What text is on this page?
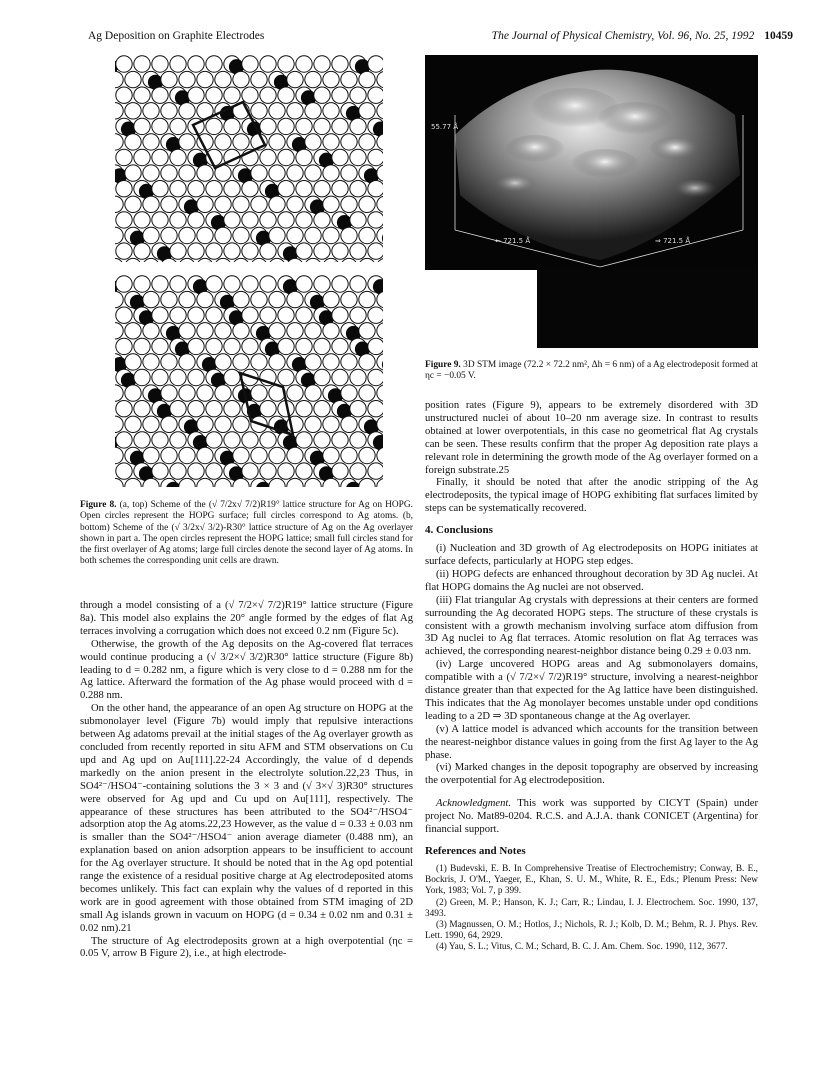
Ag Deposition on Graphite Electrodes	The Journal of Physical Chemistry, Vol. 96, No. 25, 1992 10459
Figure 8. (a, top) Scheme of the (√ 7/2x√ 7/2)R19° lattice structure for Ag on HOPG. Open circles represent the HOPG surface; full circles correspond to Ag atoms. (b, bottom) Scheme of the (√ 3/2x√ 3/2)-R30° lattice structure of Ag on the Ag overlayer shown in part a. The open circles represent the HOPG lattice; small full circles stand for the first overlayer of Ag atoms; large full circles denote the second layer of Ag atoms. In both schemes the corresponding unit cells are drawn.

through a model consisting of a (√ 7/2×√ 7/2)R19° lattice structure (Figure 8a). This model also explains the 20° angle formed by the edges of flat Ag terraces involving a corrugation which does not exceed 0.2 nm (Figure 5c).

Otherwise, the growth of the Ag deposits on the Ag-covered flat terraces would continue producing a (√ 3/2×√ 3/2)R30° lattice structure (Figure 8b) leading to d = 0.282 nm, a figure which is very close to d = 0.288 nm for the Ag lattice. Afterward the formation of the Ag phase would proceed with d = 0.288 nm.

On the other hand, the appearance of an open Ag structure on HOPG at the submonolayer level (Figure 7b) would imply that repulsive interactions between Ag adatoms prevail at the initial stages of the Ag overlayer growth as concluded from recently reported in situ AFM and STM observations on Cu upd and Ag upd on Au[111].22-24 Accordingly, the value of d depends markedly on the anion present in the electrolyte solution.22,23 Thus, in SO4²⁻/HSO4⁻-containing solutions the 3 × 3 and (√ 3×√ 3)R30° structures were observed for Ag upd and Cu upd on Au[111], respectively. The appearance of these structures has been attributed to the SO4²⁻/HSO4⁻ adsorption atop the Ag atoms.22,23 However, as the value d = 0.33 ± 0.03 nm is smaller than the SO4²⁻/HSO4⁻ anion average diameter (0.488 nm), an explanation based on anion adsorption appears to be insufficient to account for the Ag overlayer structure. It should be noted that in the Ag opd potential range the existence of a residual positive charge at Ag electrodeposited atoms becomes unlikely. This fact can explain why the values of d reported in this work are in good agreement with those obtained from STM imaging of 2D small Ag islands grown in vacuum on HOPG (d = 0.34 ± 0.02 nm and 0.31 ± 0.02 nm).21

The structure of Ag electrodeposits grown at a high overpotential (ηc = 0.05 V, arrow B Figure 2), i.e., at high electrode-

55.77 Å
⇐ 721.5 Å	⇒ 721.5 Å
Figure 9. 3D STM image (72.2 × 72.2 nm², Δh = 6 nm) of a Ag electrodeposit formed at ηc = −0.05 V.

position rates (Figure 9), appears to be extremely disordered with 3D unstructured nuclei of about 10–20 nm average size. In contrast to results obtained at lower overpotentials, in this case no geometrical flat Ag crystals can be seen. These results confirm that the proper Ag deposition rate plays a relevant role in determining the growth mode of the Ag overlayer formed on a foreign substrate.25

Finally, it should be noted that after the anodic stripping of the Ag electrodeposits, the typical image of HOPG exhibiting flat surfaces limited by steps can be systematically recovered.

4. Conclusions

(i) Nucleation and 3D growth of Ag electrodeposits on HOPG initiates at surface defects, particularly at HOPG step edges.

(ii) HOPG defects are enhanced throughout decoration by 3D Ag nuclei. At flat HOPG domains the Ag nuclei are not observed.

(iii) Flat triangular Ag crystals with depressions at their centers are formed surrounding the Ag decorated HOPG steps. The structure of these crystals is consistent with a growth mechanism involving surface atom diffusion from 3D Ag nuclei to Ag flat terraces. Atomic resolution on flat Ag terraces was achieved, the corresponding nearest-neighbor distance being 0.29 ± 0.03 nm.

(iv) Large uncovered HOPG areas and Ag submonolayers domains, compatible with a (√ 7/2×√ 7/2)R19° structure, involving a nearest-neighbor distance greater than that expected for the Ag lattice have been distinguished. This indicates that the Ag monolayer becomes unstable under opd conditions leading to a 2D ⇒ 3D spontaneous change at the Ag overlayer.

(v) A lattice model is advanced which accounts for the transition between the nearest-neighbor distance values in going from the first Ag layer to the Ag phase.

(vi) Marked changes in the deposit topography are observed by increasing the overpotential for Ag electrodeposition.

Acknowledgment. This work was supported by CICYT (Spain) under project No. Mat89-0204. R.C.S. and A.J.A. thank CONICET (Argentina) for financial support.

References and Notes

(1) Budevski, E. B. In Comprehensive Treatise of Electrochemistry; Conway, B. E., Bockris, J. O'M., Yaeger, E., Khan, S. U. M., White, R. E., Eds.; Plenum Press: New York, 1983; Vol. 7, p 399.

(2) Green, M. P.; Hanson, K. J.; Carr, R.; Lindau, I. J. Electrochem. Soc. 1990, 137, 3493.

(3) Magnussen, O. M.; Hotlos, J.; Nichols, R. J.; Kolb, D. M.; Behm, R. J. Phys. Rev. Lett. 1990, 64, 2929.

(4) Yau, S. L.; Vitus, C. M.; Schard, B. C. J. Am. Chem. Soc. 1990, 112, 3677.
